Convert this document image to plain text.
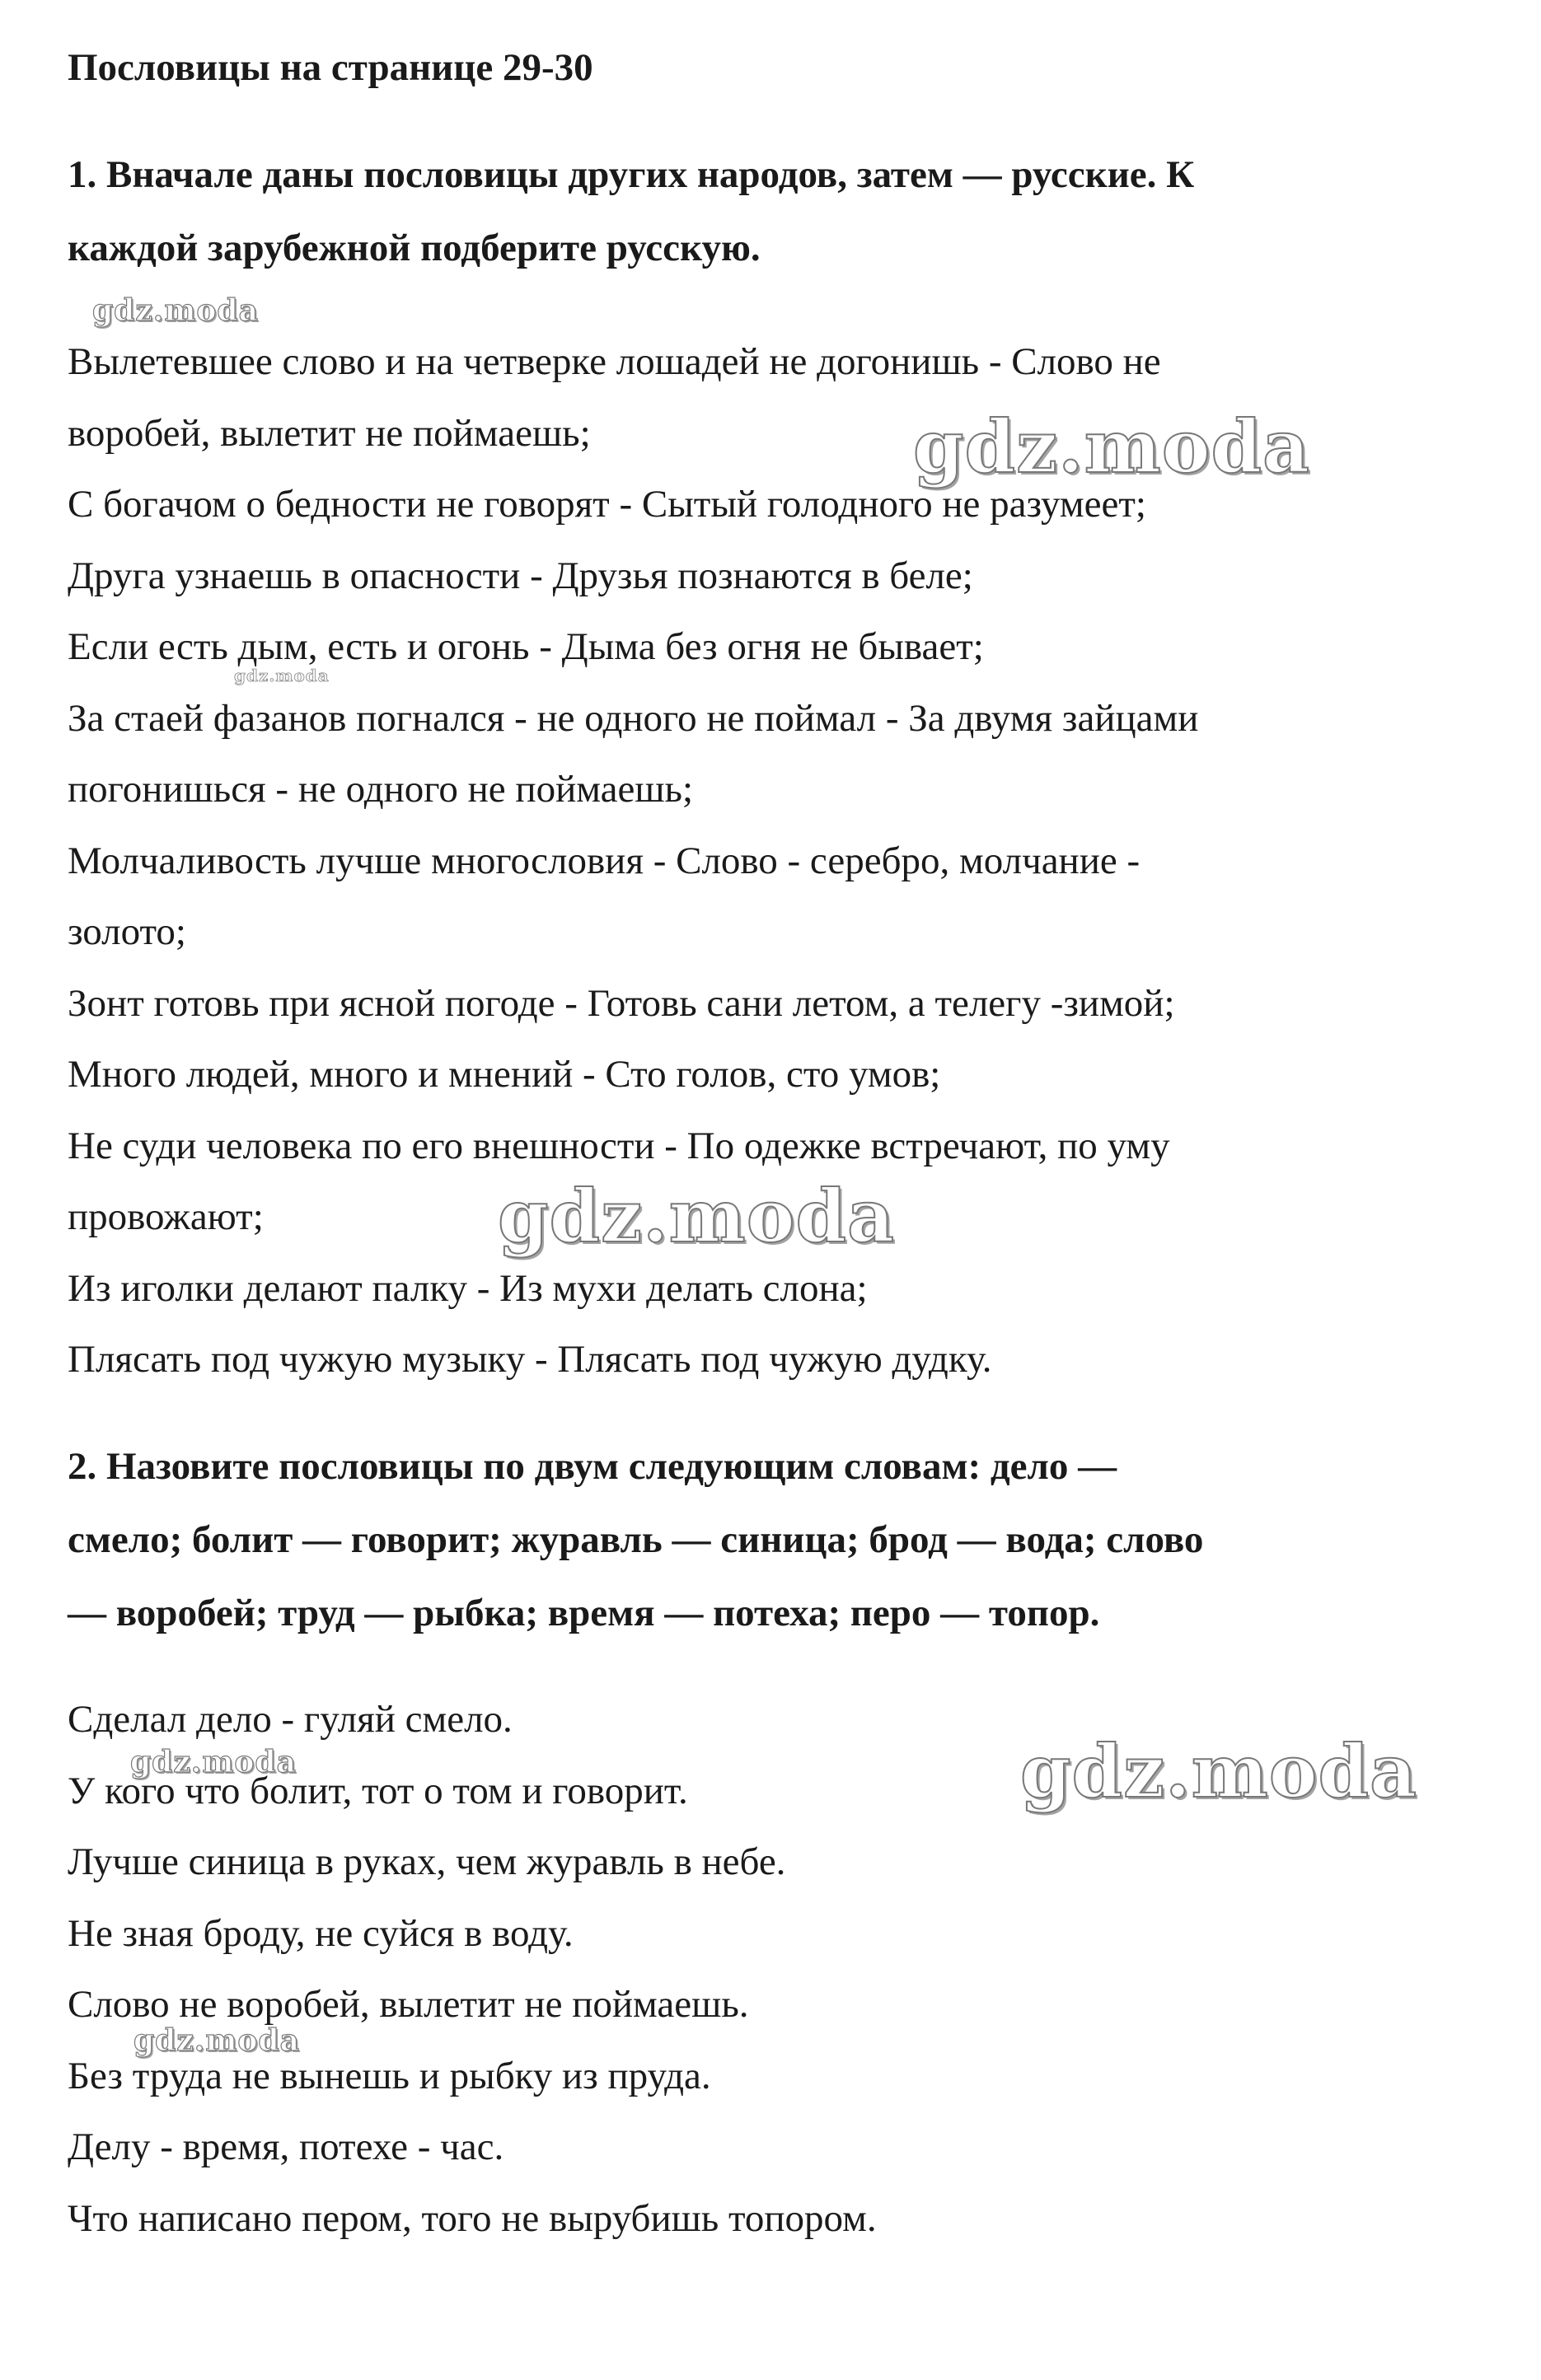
Пословицы на странице 29-30
1. Вначале даны пословицы других народов, затем — русские. К
каждой зарубежной подберите русскую.
Вылетевшее слово и на четверке лошадей не догонишь - Слово не
воробей, вылетит не поймаешь;
С богачом о бедности не говорят - Сытый голодного не разумеет;
Друга узнаешь в опасности - Друзья познаются в беле;
Если есть дым, есть и огонь - Дыма без огня не бывает;
За стаей фазанов погнался - не одного не поймал - За двумя зайцами
погонишься - не одного не поймаешь;
Молчаливость лучше многословия - Слово - серебро, молчание -
золото;
Зонт готовь при ясной погоде - Готовь сани летом, а телегу -зимой;
Много людей, много и мнений - Сто голов, сто умов;
Не суди человека по его внешности - По одежке встречают, по уму
провожают;
Из иголки делают палку - Из мухи делать слона;
Плясать под чужую музыку - Плясать под чужую дудку.
2. Назовите пословицы по двум следующим словам: дело —
смело; болит — говорит; журавль — синица; брод — вода; слово
— воробей; труд — рыбка; время — потеха; перо — топор.
Сделал дело - гуляй смело.
У кого что болит, тот о том и говорит.
Лучше синица в руках, чем журавль в небе.
Не зная броду, не суйся в воду.
Слово не воробей, вылетит не поймаешь.
Без труда не вынешь и рыбку из пруда.
Делу - время, потехе - час.
Что написано пером, того не вырубишь топором.
gdz.moda
gdz.moda
gdz.moda
gdz.moda
gdz.moda
gdz.moda
gdz.moda
